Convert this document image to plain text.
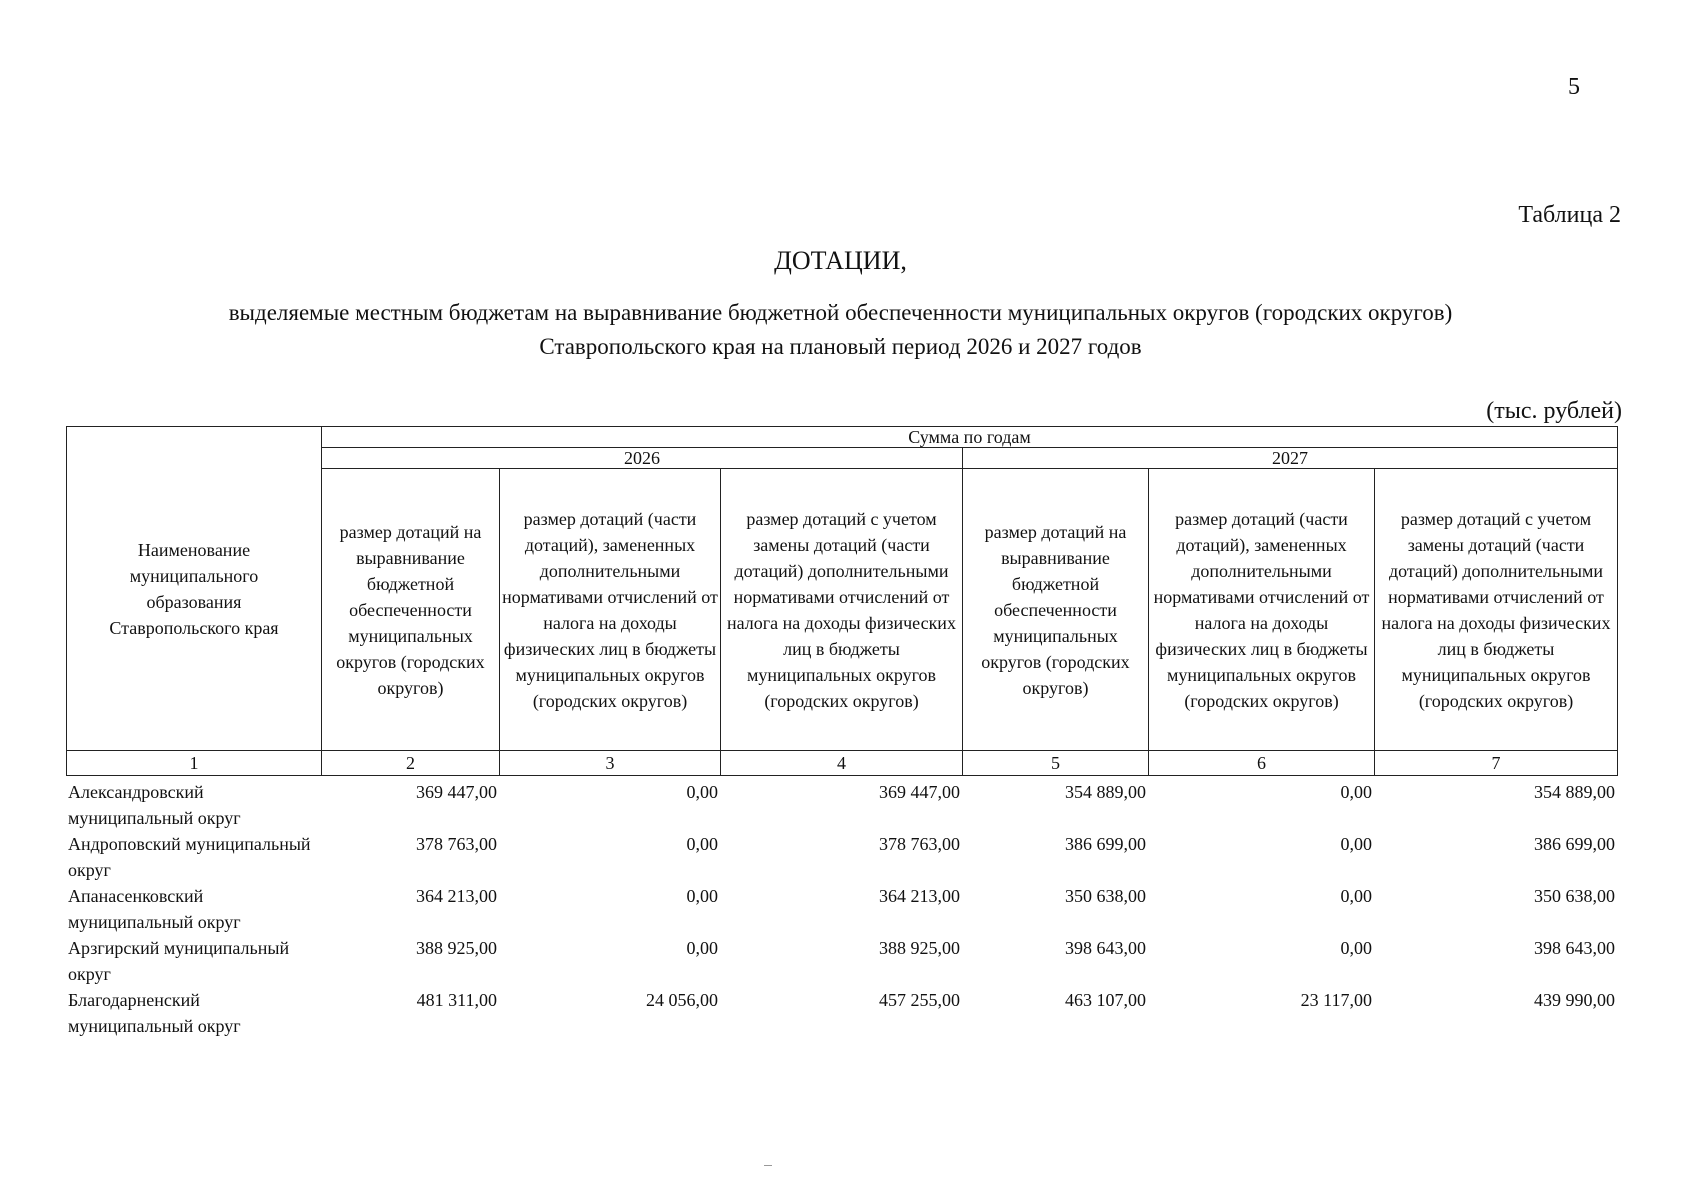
5
Таблица 2
ДОТАЦИИ,
выделяемые местным бюджетам на выравнивание бюджетной обеспеченности муниципальных округов (городских округов)
Ставропольского края на плановый период 2026 и 2027 годов
(тыс. рублей)
Наименование муниципального образования Ставропольского края	Сумма по годам					
	2026			2027		
	размер дотаций на выравнивание бюджетной обеспеченности муниципальных округов (городских округов)	размер дотаций (части дотаций), замененных дополнительными нормативами отчислений от налога на доходы физических лиц в бюджеты муниципальных округов (городских округов)	размер дотаций с учетом замены дотаций (части дотаций) дополнительными нормативами отчислений от налога на доходы физических лиц в бюджеты муниципальных округов (городских округов)	размер дотаций на выравнивание бюджетной обеспеченности муниципальных округов (городских округов)	размер дотаций (части дотаций), замененных дополнительными нормативами отчислений от налога на доходы физических лиц в бюджеты муниципальных округов (городских округов)	размер дотаций с учетом замены дотаций (части дотаций) дополнительными нормативами отчислений от налога на доходы физических лиц в бюджеты муниципальных округов (городских округов)
1	2	3	4	5	6	7
Александровский муниципальный округ	369 447,00	0,00	369 447,00	354 889,00	0,00	354 889,00
Андроповский муниципальный округ	378 763,00	0,00	378 763,00	386 699,00	0,00	386 699,00
Апанасенковский муниципальный округ	364 213,00	0,00	364 213,00	350 638,00	0,00	350 638,00
Арзгирский муниципальный округ	388 925,00	0,00	388 925,00	398 643,00	0,00	398 643,00
Благодарненский муниципальный округ	481 311,00	24 056,00	457 255,00	463 107,00	23 117,00	439 990,00
